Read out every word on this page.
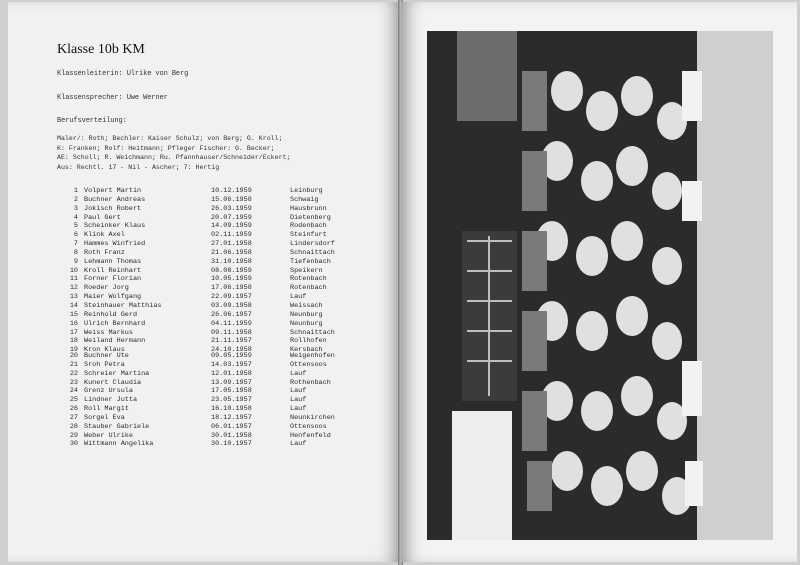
Klasse 10b KM
Klassenleiterin: Ulrike von Berg
Klassensprecher: Uwe Werner
Berufsverteilung:
Maler/: Roth; Bechler: Kaiser Schulz; von Berg; G. Kroll;
K: Franken; Rolf: Heitmann; Pfleger Fischer: G. Becker;
AE: Scholl; R. Weichmann; Ru. Pfannhauser/Schneider/Eckert;
Aus: Rechtl. 17 - Nil - Ascher; 7: Hertig
1 Volpert Martin	10.12.1959	Leinburg
2 Buchner Andreas	15.06.1958	Schwaig
3 Jokisch Robert	26.03.1959	Hausbrunn
4 Paul Gert	20.07.1959	Dietenberg
5 Scheinker Klaus	14.09.1959	Rodenbach
6 Klink Axel	02.11.1959	Steinfurt
7 Hammes Winfried	27.01.1958	Lindersdorf
8 Roth Franz	21.06.1958	Schnaittach
9 Lehmann Thomas	31.10.1958	Tiefenbach
10 Kroll Reinhart	08.08.1959	Speikern
11 Forner Florian	10.05.1959	Rotenbach
12 Roeder Jorg	17.06.1958	Rotenbach
13 Maier Wolfgang	22.09.1957	Lauf
14 Steinhauer Matthias	03.09.1958	Weissach
15 Reinhold Gerd	26.06.1957	Neunburg
16 Ulrich Bernhard	04.11.1959	Neunburg
17 Weiss Markus	09.11.1958	Schnaittach
18 Weiland Hermann	21.11.1957	Rollhofen
19 Kron Klaus	24.10.1958	Kersbach
20 Buchner Ute	09.05.1959	Weigenhofen
21 Sroh Petra	14.03.1957	Ottensoos
22 Schreier Martina	12.01.1958	Lauf
23 Kunert Claudia	13.09.1957	Rothenbach
24 Grenz Ursula	17.05.1958	Lauf
25 Lindner Jutta	23.05.1957	Lauf
26 Roll Margit	16.10.1958	Lauf
27 Sorgel Eva	18.12.1957	Neunkirchen
28 Stauber Gabriele	06.01.1957	Ottensoos
29 Weber Ulrike	30.01.1958	Henfenfeld
30 Wittmann Angelika	30.10.1957	Lauf
